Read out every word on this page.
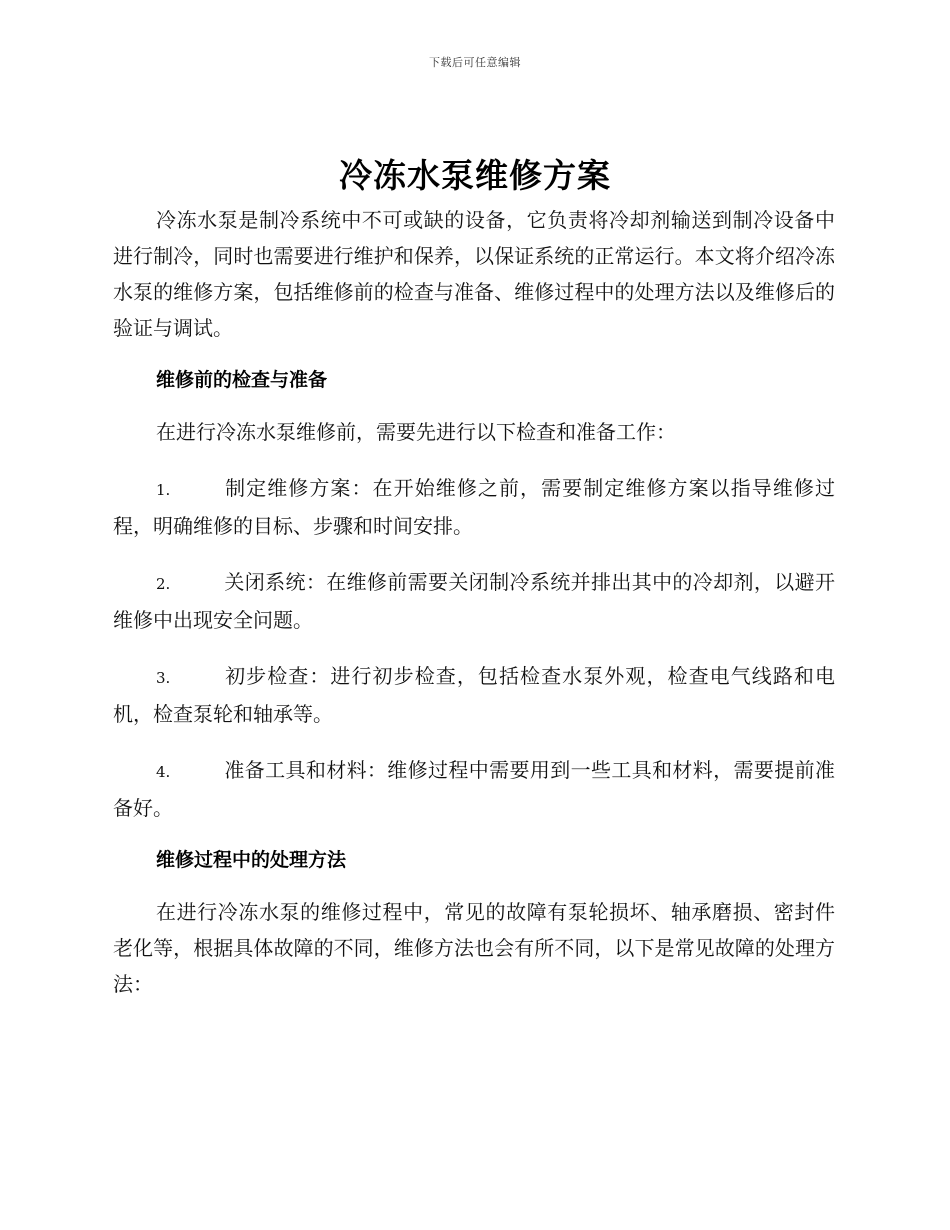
下载后可任意编辑
冷冻水泵维修方案

冷冻水泵是制冷系统中不可或缺的设备，它负责将冷却剂输送到制冷设备中进行制冷，同时也需要进行维护和保养，以保证系统的正常运行。本文将介绍冷冻水泵的维修方案，包括维修前的检查与准备、维修过程中的处理方法以及维修后的验证与调试。

维修前的检查与准备

在进行冷冻水泵维修前，需要先进行以下检查和准备工作：

1.	制定维修方案：在开始维修之前，需要制定维修方案以指导维修过程，明确维修的目标、步骤和时间安排。

2.	关闭系统：在维修前需要关闭制冷系统并排出其中的冷却剂，以避开维修中出现安全问题。

3.	初步检查：进行初步检查，包括检查水泵外观，检查电气线路和电机，检查泵轮和轴承等。

4.	准备工具和材料：维修过程中需要用到一些工具和材料，需要提前准备好。

维修过程中的处理方法

在进行冷冻水泵的维修过程中，常见的故障有泵轮损坏、轴承磨损、密封件老化等，根据具体故障的不同，维修方法也会有所不同，以下是常见故障的处理方法：
